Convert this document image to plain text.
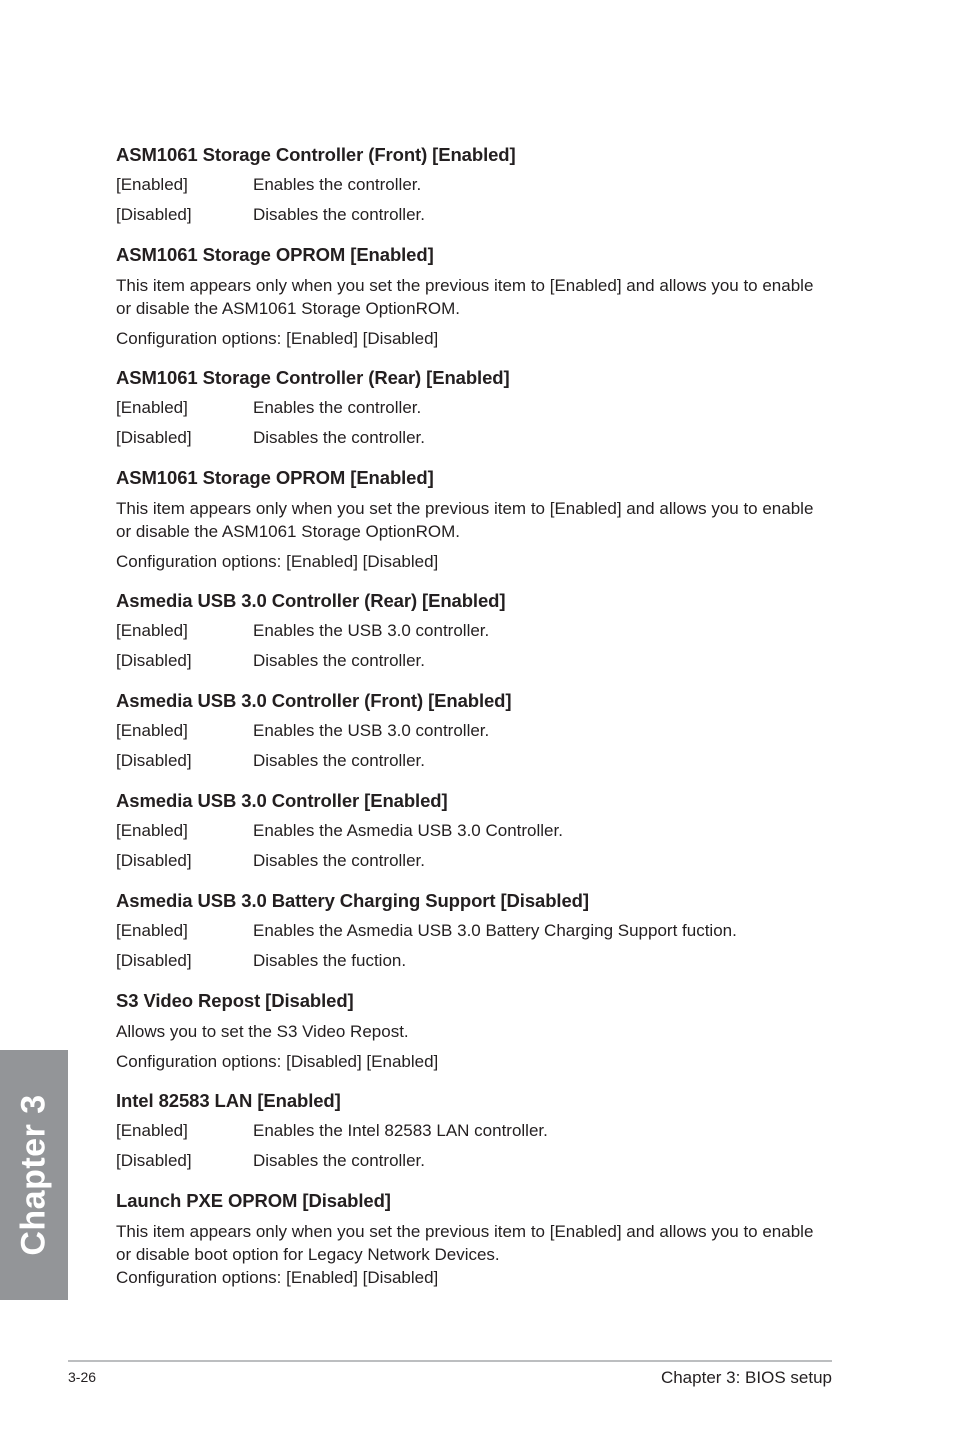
ASM1061 Storage Controller (Front) [Enabled]
[Enabled]	Enables the controller.
[Disabled]	Disables the controller.
ASM1061 Storage OPROM [Enabled]
This item appears only when you set the previous item to [Enabled] and allows you to enable or disable the ASM1061 Storage OptionROM.
Configuration options: [Enabled] [Disabled]
ASM1061 Storage Controller (Rear) [Enabled]
[Enabled]	Enables the controller.
[Disabled]	Disables the controller.
ASM1061 Storage OPROM [Enabled]
This item appears only when you set the previous item to [Enabled] and allows you to enable or disable the ASM1061 Storage OptionROM.
Configuration options: [Enabled] [Disabled]
Asmedia USB 3.0 Controller (Rear) [Enabled]
[Enabled]	Enables the USB 3.0 controller.
[Disabled]	Disables the controller.
Asmedia USB 3.0 Controller (Front) [Enabled]
[Enabled]	Enables the USB 3.0 controller.
[Disabled]	Disables the controller.
Asmedia USB 3.0 Controller [Enabled]
[Enabled]	Enables the Asmedia USB 3.0 Controller.
[Disabled]	Disables the controller.
Asmedia USB 3.0 Battery Charging Support [Disabled]
[Enabled]	Enables the Asmedia USB 3.0 Battery Charging Support fuction.
[Disabled]	Disables the fuction.
S3 Video Repost [Disabled]
Allows you to set the S3 Video Repost.
Configuration options: [Disabled] [Enabled]
Intel 82583 LAN [Enabled]
[Enabled]	Enables the Intel 82583 LAN controller.
[Disabled]	Disables the controller.
Launch PXE OPROM [Disabled]
This item appears only when you set the previous item to [Enabled] and allows you to enable or disable boot option for Legacy Network Devices.
Configuration options: [Enabled] [Disabled]
Chapter 3
3-26	Chapter 3: BIOS setup
